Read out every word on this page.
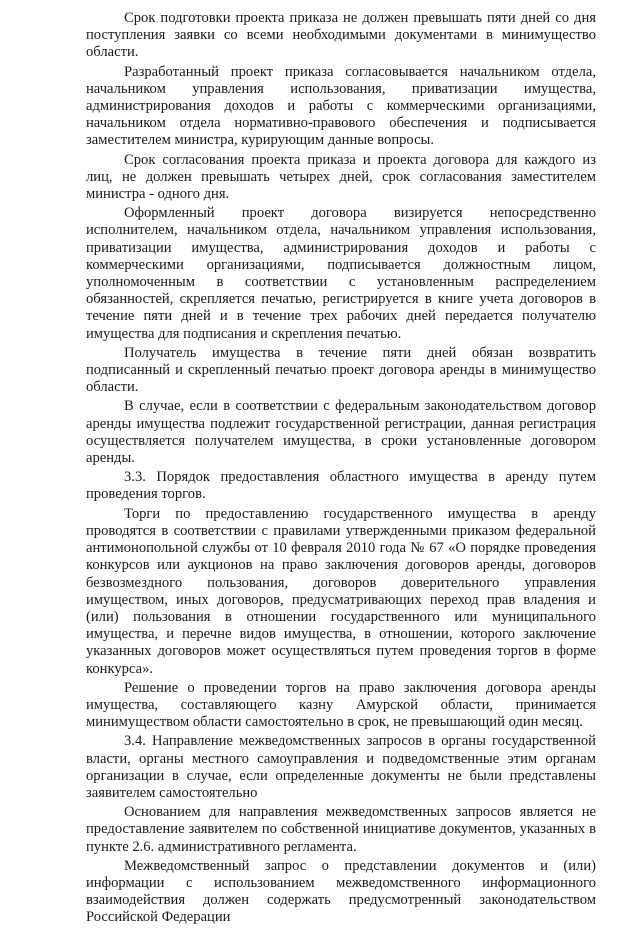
Срок подготовки проекта приказа не должен превышать пяти дней со дня поступления заявки со всеми необходимыми документами в минимущество области.

Разработанный проект приказа согласовывается начальником отдела, начальником управления использования, приватизации имущества, администрирования доходов и работы с коммерческими организациями, начальником отдела нормативно-правового обеспечения и подписывается заместителем министра, курирующим данные вопросы.

Срок согласования проекта приказа и проекта договора для каждого из лиц, не должен превышать четырех дней, срок согласования заместителем министра - одного дня.

Оформленный проект договора визируется непосредственно исполнителем, начальником отдела, начальником управления использования, приватизации имущества, администрирования доходов и работы с коммерческими организациями, подписывается должностным лицом, уполномоченным в соответствии с установленным распределением обязанностей, скрепляется печатью, регистрируется в книге учета договоров в течение пяти дней и в течение трех рабочих дней передается получателю имущества для подписания и скрепления печатью.

Получатель имущества в течение пяти дней обязан возвратить подписанный и скрепленный печатью проект договора аренды в минимущество области.

В случае, если в соответствии с федеральным законодательством договор аренды имущества подлежит государственной регистрации, данная регистрация осуществляется получателем имущества, в сроки установленные договором аренды.

3.3. Порядок предоставления областного имущества в аренду путем проведения торгов.

Торги по предоставлению государственного имущества в аренду проводятся в соответствии с правилами утвержденными приказом федеральной антимонопольной службы от 10 февраля 2010 года № 67 «О порядке проведения конкурсов или аукционов на право заключения договоров аренды, договоров безвозмездного пользования, договоров доверительного управления имуществом, иных договоров, предусматривающих переход прав владения и (или) пользования в отношении государственного или муниципального имущества, и перечне видов имущества, в отношении, которого заключение указанных договоров может осуществляться путем проведения торгов в форме конкурса».

Решение о проведении торгов на право заключения договора аренды имущества, составляющего казну Амурской области, принимается минимуществом области самостоятельно в срок, не превышающий один месяц.

3.4. Направление межведомственных запросов в органы государственной власти, органы местного самоуправления и подведомственные этим органам организации в случае, если определенные документы не были представлены заявителем самостоятельно

Основанием для направления межведомственных запросов является не предоставление заявителем по собственной инициативе документов, указанных в пункте 2.6. административного регламента.

Межведомственный запрос о представлении документов и (или) информации с использованием межведомственного информационного взаимодействия должен содержать предусмотренный законодательством Российской Федерации
